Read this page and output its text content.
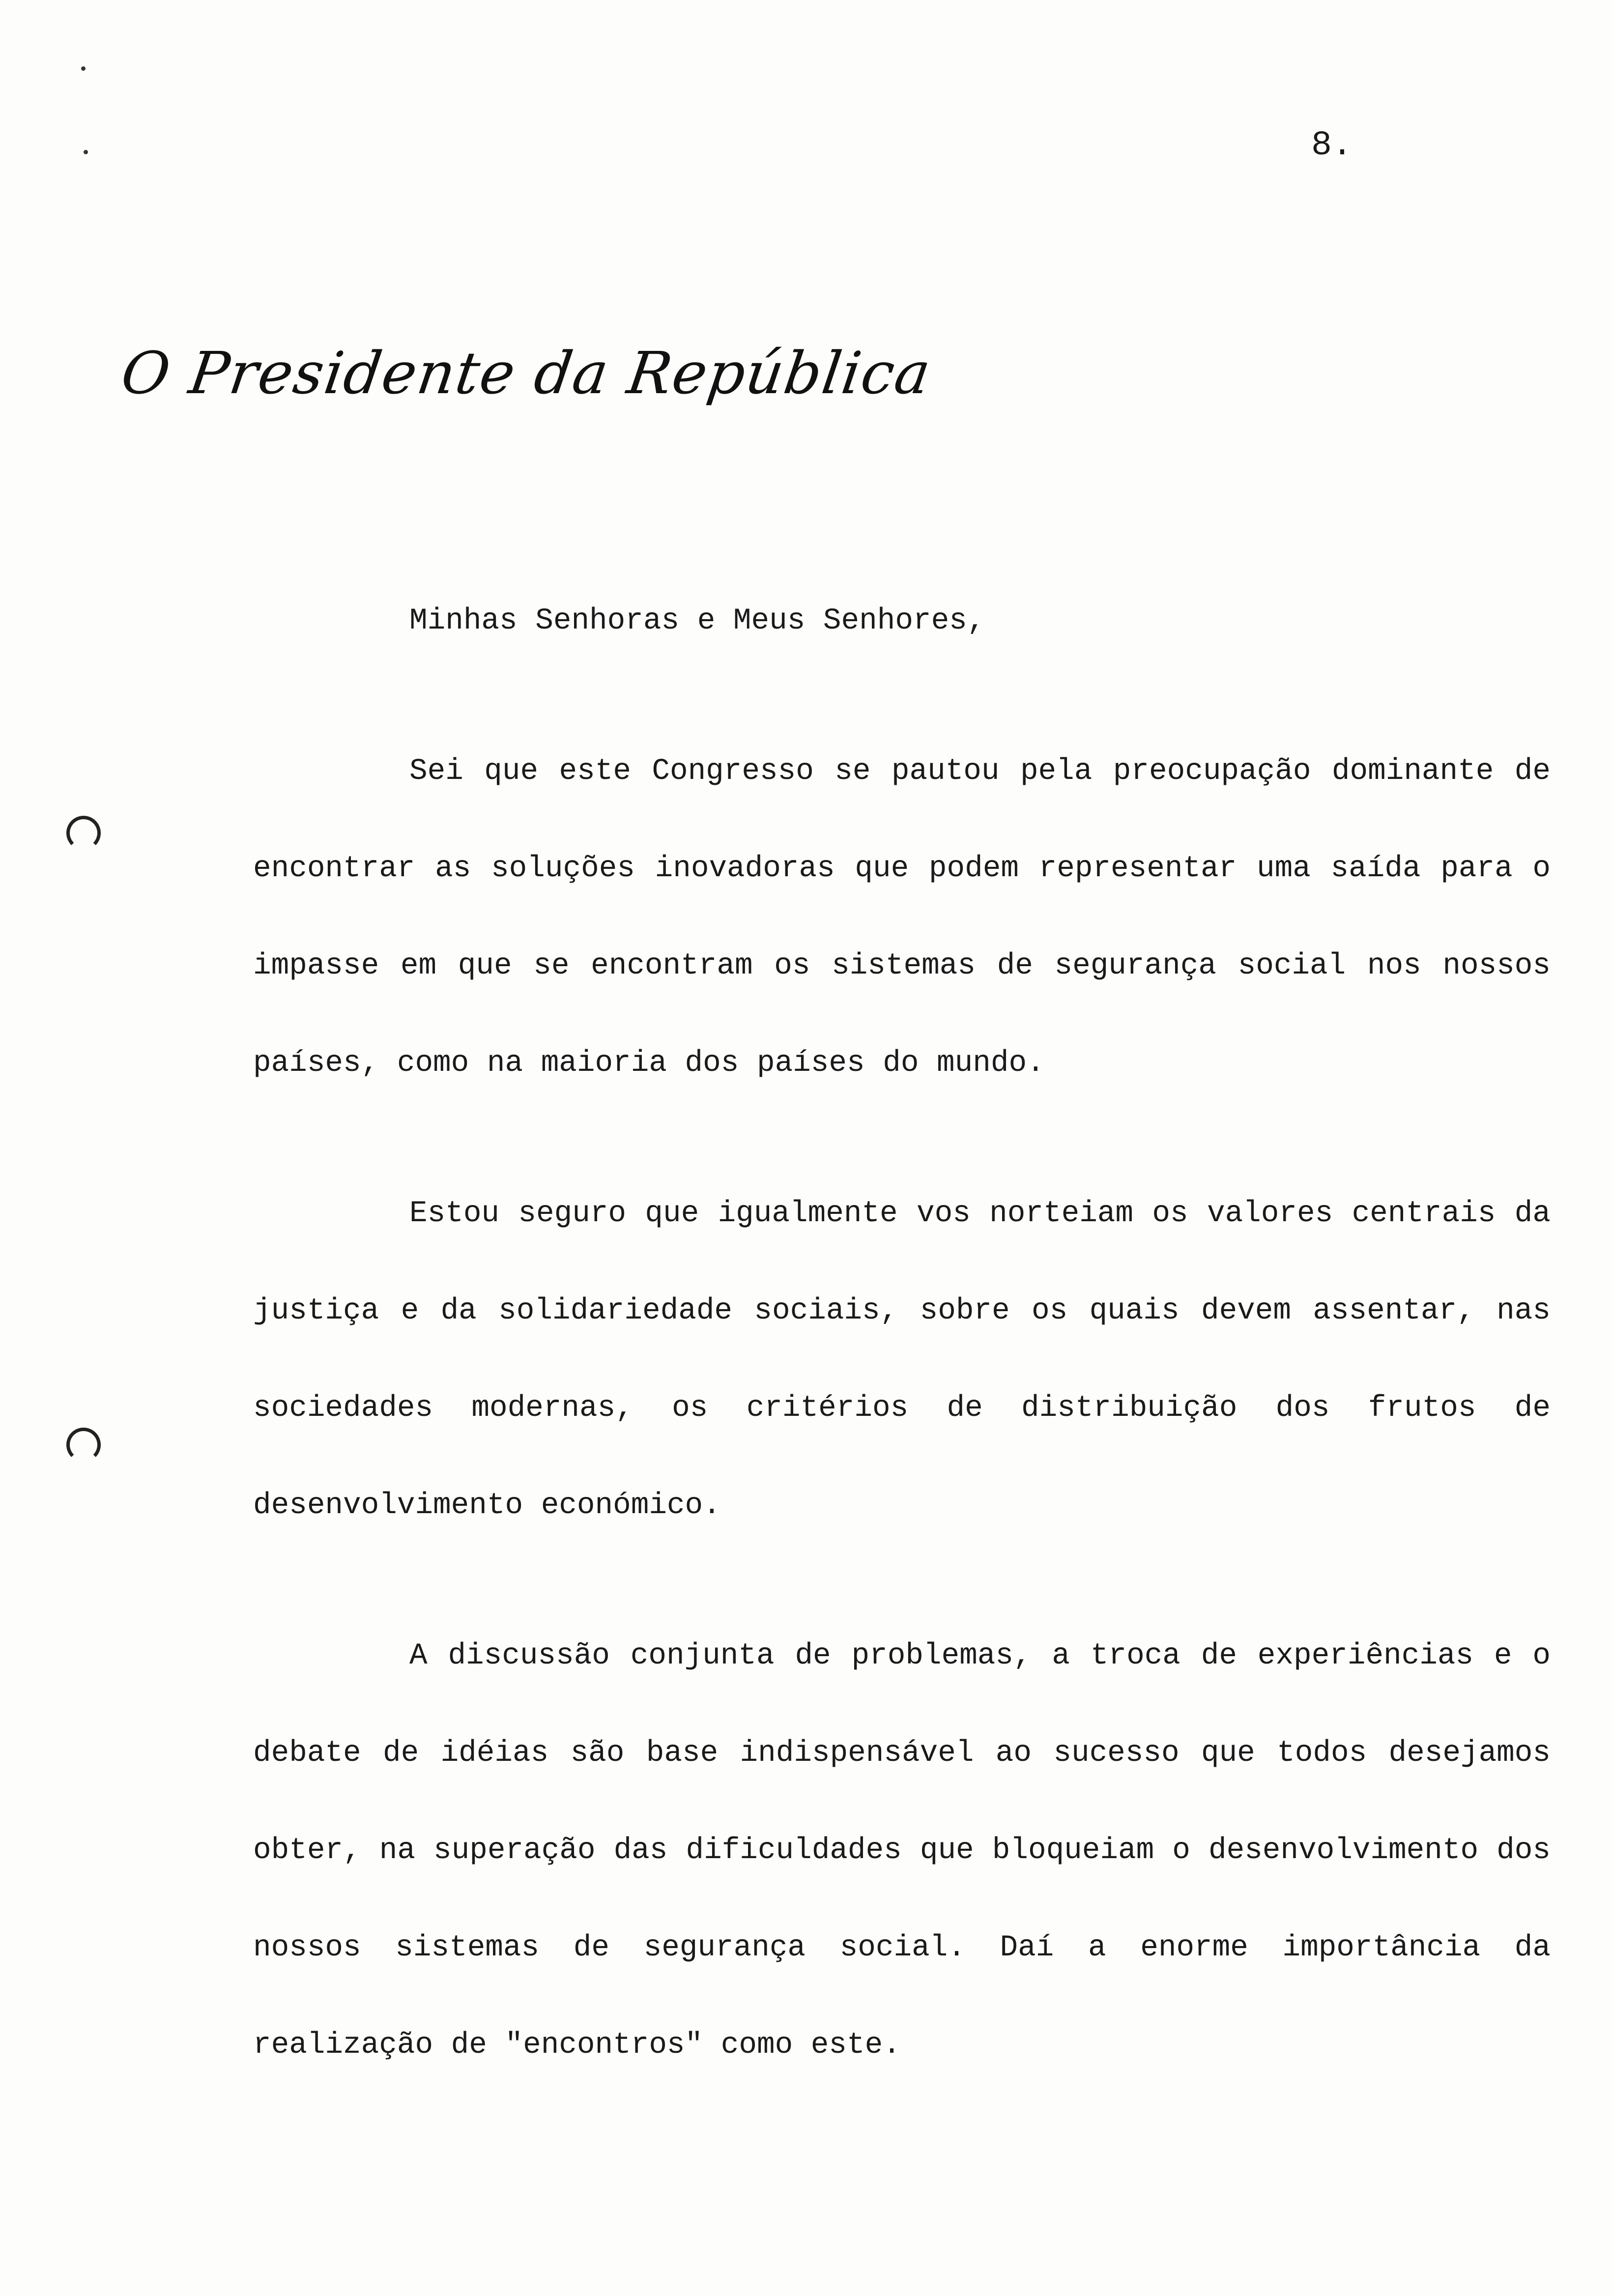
8.
O Presidente da República

Minhas Senhoras e Meus Senhores,

Sei que este Congresso se pautou pela preocupação dominante de encontrar as soluções inovadoras que podem representar uma saída para o impasse em que se encontram os sistemas de segurança social nos nossos países, como na maioria dos países do mundo.

Estou seguro que igualmente vos norteiam os valores centrais da justiça e da solidariedade sociais, sobre os quais devem assentar, nas sociedades modernas, os critérios de distribuição dos frutos de desenvolvimento económico.

A discussão conjunta de problemas, a troca de experiências e o debate de idéias são base indispensável ao sucesso que todos desejamos obter, na superação das dificuldades que bloqueiam o desenvolvimento dos nossos sistemas de segurança social. Daí a enorme importância da realização de "encontros" como este.
